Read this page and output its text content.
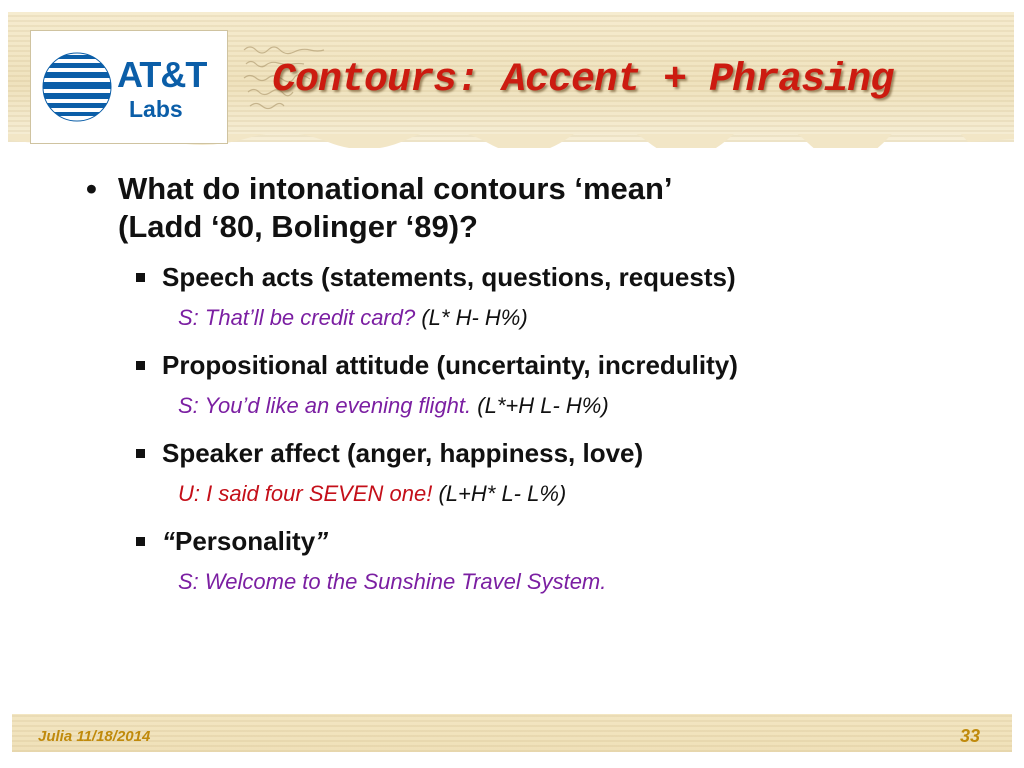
AT&T
Labs
Contours: Accent + Phrasing
• What do intonational contours ‘mean’
(Ladd ‘80, Bolinger ‘89)?
Speech acts (statements, questions, requests)
S: That’ll be credit card? (L* H- H%)
Propositional attitude (uncertainty, incredulity)
S: You’d like an evening flight. (L*+H L- H%)
Speaker affect (anger, happiness, love)
U: I said four SEVEN one! (L+H* L- L%)
“Personality”
S: Welcome to the Sunshine Travel System.
Julia 11/18/2014	33
